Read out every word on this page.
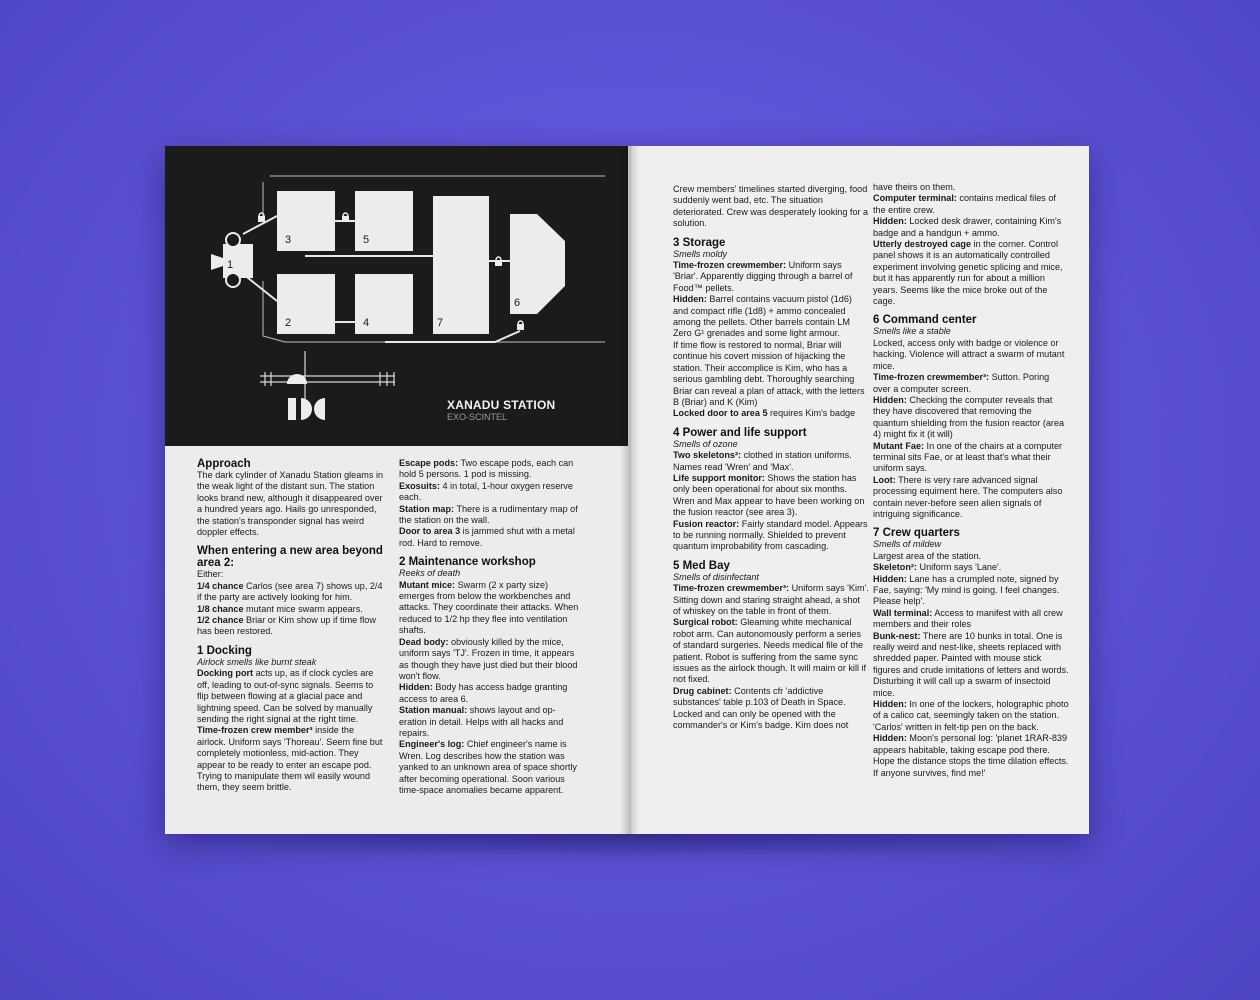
3	5
2	4	7
6
1
XANADU STATION
EXO-SCINTEL
Approach

The dark cylinder of Xanadu Station gleams in the weak light of the distant sun. The station looks brand new, although it disappeared over a hundred years ago. Hails go unresponded, the station's transponder signal has weird doppler effects.

When entering a new area beyond area 2:

Either:

1/4 chance Carlos (see area 7) shows up, 2/4 if the party are actively looking for him.

1/8 chance mutant mice swarm appears.

1/2 chance Briar or Kim show up if time flow has been restored.

1 Docking

Airlock smells like burnt steak

Docking port acts up, as if clock cycles are off, leading to out-of-sync signals. Seems to flip between flowing at a glacial pace and lightning speed. Can be solved by manually sending the right signal at the right time.

Time-frozen crew member³ inside the airlock. Uniform says 'Thoreau'. Seem fine but completely motionless, mid-action. They appear to be ready to enter an escape pod. Trying to manipulate them wil easily wound them, they seem brittle.

Escape pods: Two escape pods, each can hold 5 persons. 1 pod is missing.

Exosuits: 4 in total, 1-hour oxygen reserve each.

Station map: There is a rudimentary map of the station on the wall.

Door to area 3 is jammed shut with a metal rod. Hard to remove.

2 Maintenance workshop

Reeks of death

Mutant mice: Swarm (2 x party size) emerges from below the workbenches and attacks. They coordinate their attacks. When reduced to 1/2 hp they flee into ventilation shafts.

Dead body: obviously killed by the mice, uniform says 'TJ'. Frozen in time, it appears as though they have just died but their blood won't flow.

Hidden: Body has access badge granting access to area 6.

Station manual: shows layout and operation in detail. Helps with all hacks and repairs.

Engineer's log: Chief engineer's name is Wren. Log describes how the station was yanked to an unknown area of space shortly after becoming operational. Soon various time-space anomalies became apparent.

Crew members' timelines started diverging, food suddenly went bad, etc. The situation deteriorated. Crew was desperately looking for a solution.

3 Storage

Smells moldy

Time-frozen crewmember: Uniform says 'Briar'. Apparently digging through a barrel of Food™ pellets.

Hidden: Barrel contains vacuum pistol (1d6) and compact rifle (1d8) + ammo concealed among the pellets. Other barrels contain LM Zero G¹ grenades and some light armour.

If time flow is restored to normal, Briar will continue his covert mission of hijacking the station. Their accomplice is Kim, who has a serious gambling debt. Thoroughly searching Briar can reveal a plan of attack, with the letters B (Briar) and K (Kim)

Locked door to area 5 requires Kim's badge

4 Power and life support

Smells of ozone

Two skeletons²: clothed in station uniforms. Names read 'Wren' and 'Max'.

Life support monitor: Shows the station has only been operational for about six months.

Wren and Max appear to have been working on the fusion reactor (see area 3).

Fusion reactor: Fairly standard model. Appears to be running normally. Shielded to prevent quantum improbability from cascading.

5 Med Bay

Smells of disinfectant

Time-frozen crewmember³: Uniform says 'Kim'. Sitting down and staring straight ahead, a shot of whiskey on the table in front of them.

Surgical robot: Gleaming white mechanical robot arm. Can autonomously perform a series of standard surgeries. Needs medical file of the patient. Robot is suffering from the same sync issues as the airlock though. It will maim or kill if not fixed.

Drug cabinet: Contents cfr 'addictive substances' table p.103 of Death in Space. Locked and can only be opened with the commander's or Kim's badge. Kim does not

have theirs on them.

Computer terminal: contains medical files of the entire crew.

Hidden: Locked desk drawer, containing Kim's badge and a handgun + ammo.

Utterly destroyed cage in the corner. Control panel shows it is an automatically controlled experiment involving genetic splicing and mice, but it has apparently run for about a million years. Seems like the mice broke out of the cage.

6 Command center

Smells like a stable

Locked, access only with badge or violence or hacking. Violence will attract a swarm of mutant mice.

Time-frozen crewmember³: Sutton. Poring over a computer screen.

Hidden: Checking the computer reveals that they have discovered that removing the quantum shielding from the fusion reactor (area 4) might fix it (it will)

Mutant Fae: In one of the chairs at a computer terminal sits Fae, or at least that's what their uniform says.

Loot: There is very rare advanced signal processing equiment here. The computers also contain never-before seen alien signals of intriguing significance.

7 Crew quarters

Smells of mildew

Largest area of the station.

Skeleton²: Uniform says 'Lane'.

Hidden: Lane has a crumpled note, signed by Fae, saying: 'My mind is going. I feel changes. Please help'.

Wall terminal: Access to manifest with all crew members and their roles

Bunk-nest: There are 10 bunks in total. One is really weird and nest-like, sheets replaced with shredded paper. Painted with mouse stick figures and crude imitations of letters and words. Disturbing it will call up a swarm of insectoid mice.

Hidden: In one of the lockers, holographic photo of a calico cat, seemingly taken on the station. 'Carlos' written in felt-tip pen on the back.

Hidden: Moon's personal log: 'planet 1RAR-839 appears habitable, taking escape pod there. Hope the distance stops the time dilation effects. If anyone survives, find me!'
